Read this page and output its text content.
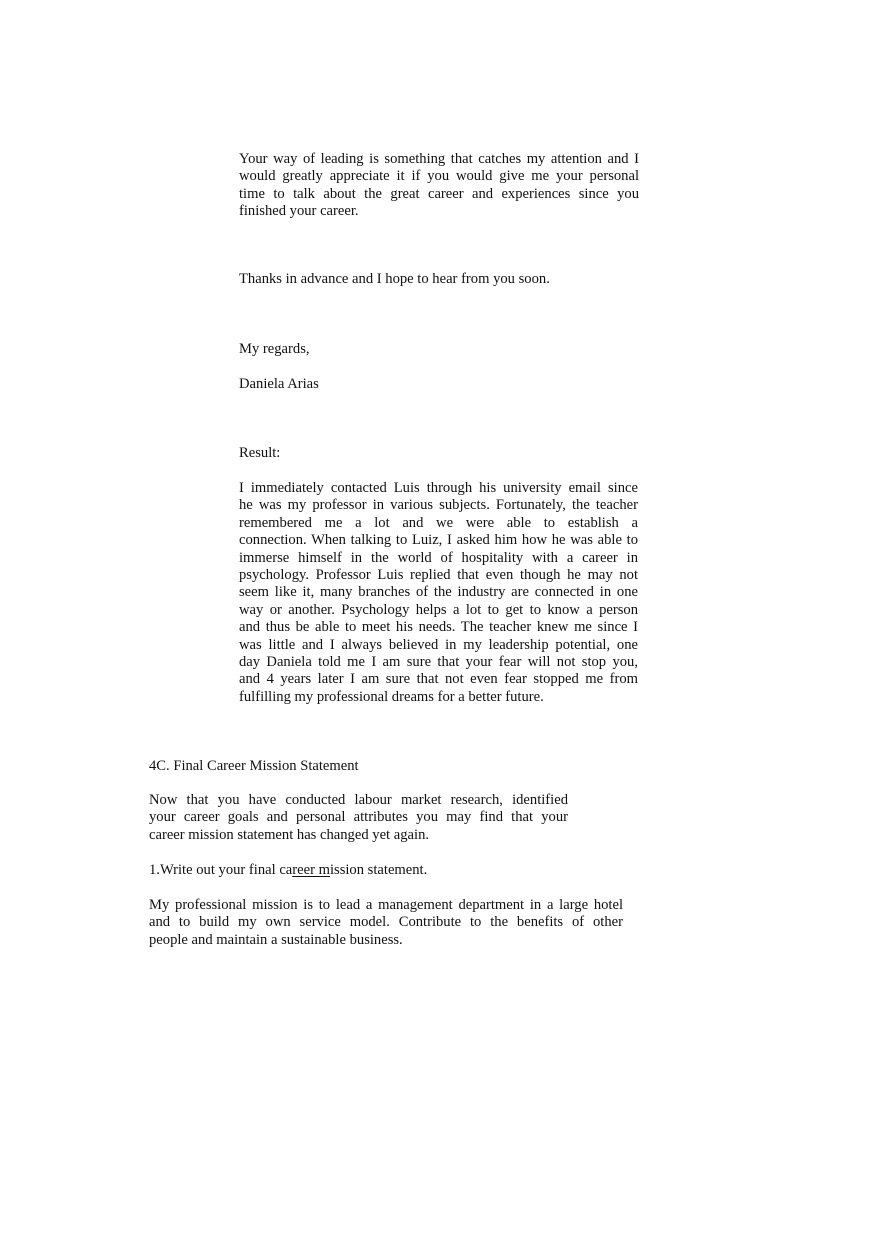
Your way of leading is something that catches my attention and I
would greatly appreciate it if you would give me your personal
time to talk about the great career and experiences since you
finished your career.

Thanks in advance and I hope to hear from you soon.

My regards,

Daniela Arias

Result:

I immediately contacted Luis through his university email since
he was my professor in various subjects. Fortunately, the teacher
remembered me a lot and we were able to establish a
connection. When talking to Luiz, I asked him how he was able to
immerse himself in the world of hospitality with a career in
psychology. Professor Luis replied that even though he may not
seem like it, many branches of the industry are connected in one
way or another. Psychology helps a lot to get to know a person
and thus be able to meet his needs. The teacher knew me since I
was little and I always believed in my leadership potential, one
day Daniela told me I am sure that your fear will not stop you,
and 4 years later I am sure that not even fear stopped me from
fulfilling my professional dreams for a better future.

4C. Final Career Mission Statement

Now that you have conducted labour market research, identified
your career goals and personal attributes you may find that your
career mission statement has changed yet again.

1.Write out your final career mission statement.

My professional mission is to lead a management department in a large hotel
and to build my own service model. Contribute to the benefits of other
people and maintain a sustainable business.
